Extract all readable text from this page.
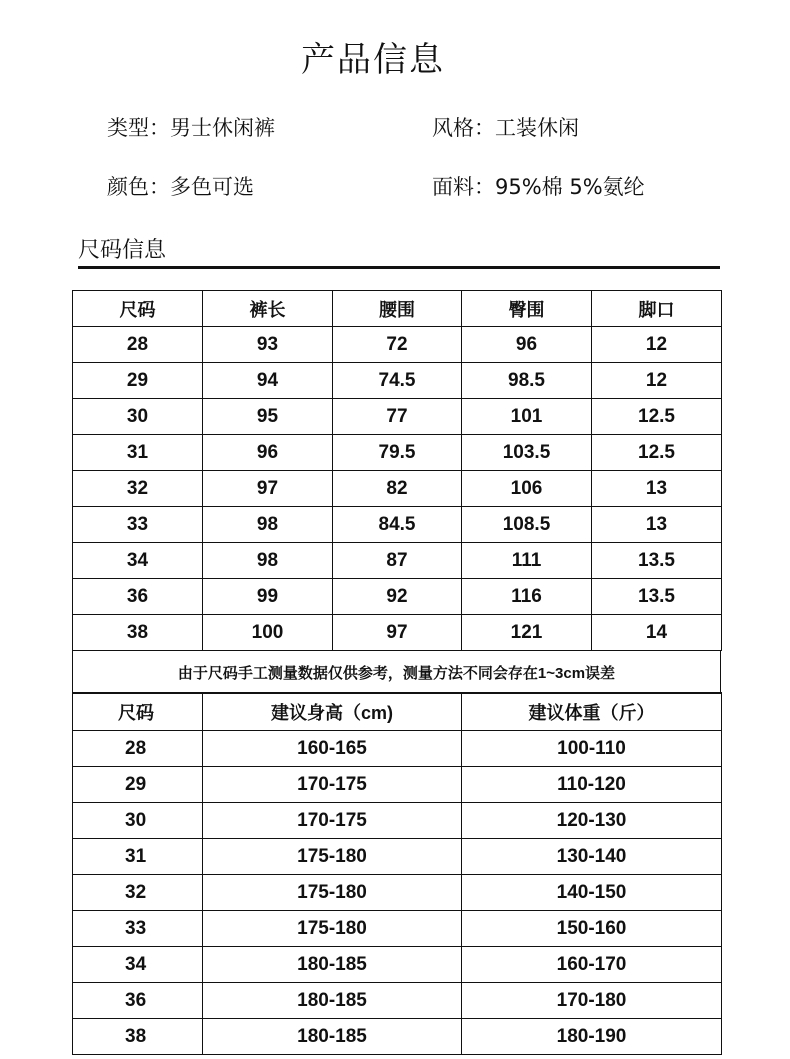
产品信息
类型：男士休闲裤	风格：工装休闲
颜色：多色可选	面料：95%棉 5%氨纶
尺码信息
尺码	裤长	腰围	臀围	脚口
28	93	72	96	12
29	94	74.5	98.5	12
30	95	77	101	12.5
31	96	79.5	103.5	12.5
32	97	82	106	13
33	98	84.5	108.5	13
34	98	87	111	13.5
36	99	92	116	13.5
38	100	97	121	14
由于尺码手工测量数据仅供参考，测量方法不同会存在1~3cm误差
尺码	建议身高（cm)	建议体重（斤）
28	160-165	100-110
29	170-175	110-120
30	170-175	120-130
31	175-180	130-140
32	175-180	140-150
33	175-180	150-160
34	180-185	160-170
36	180-185	170-180
38	180-185	180-190
